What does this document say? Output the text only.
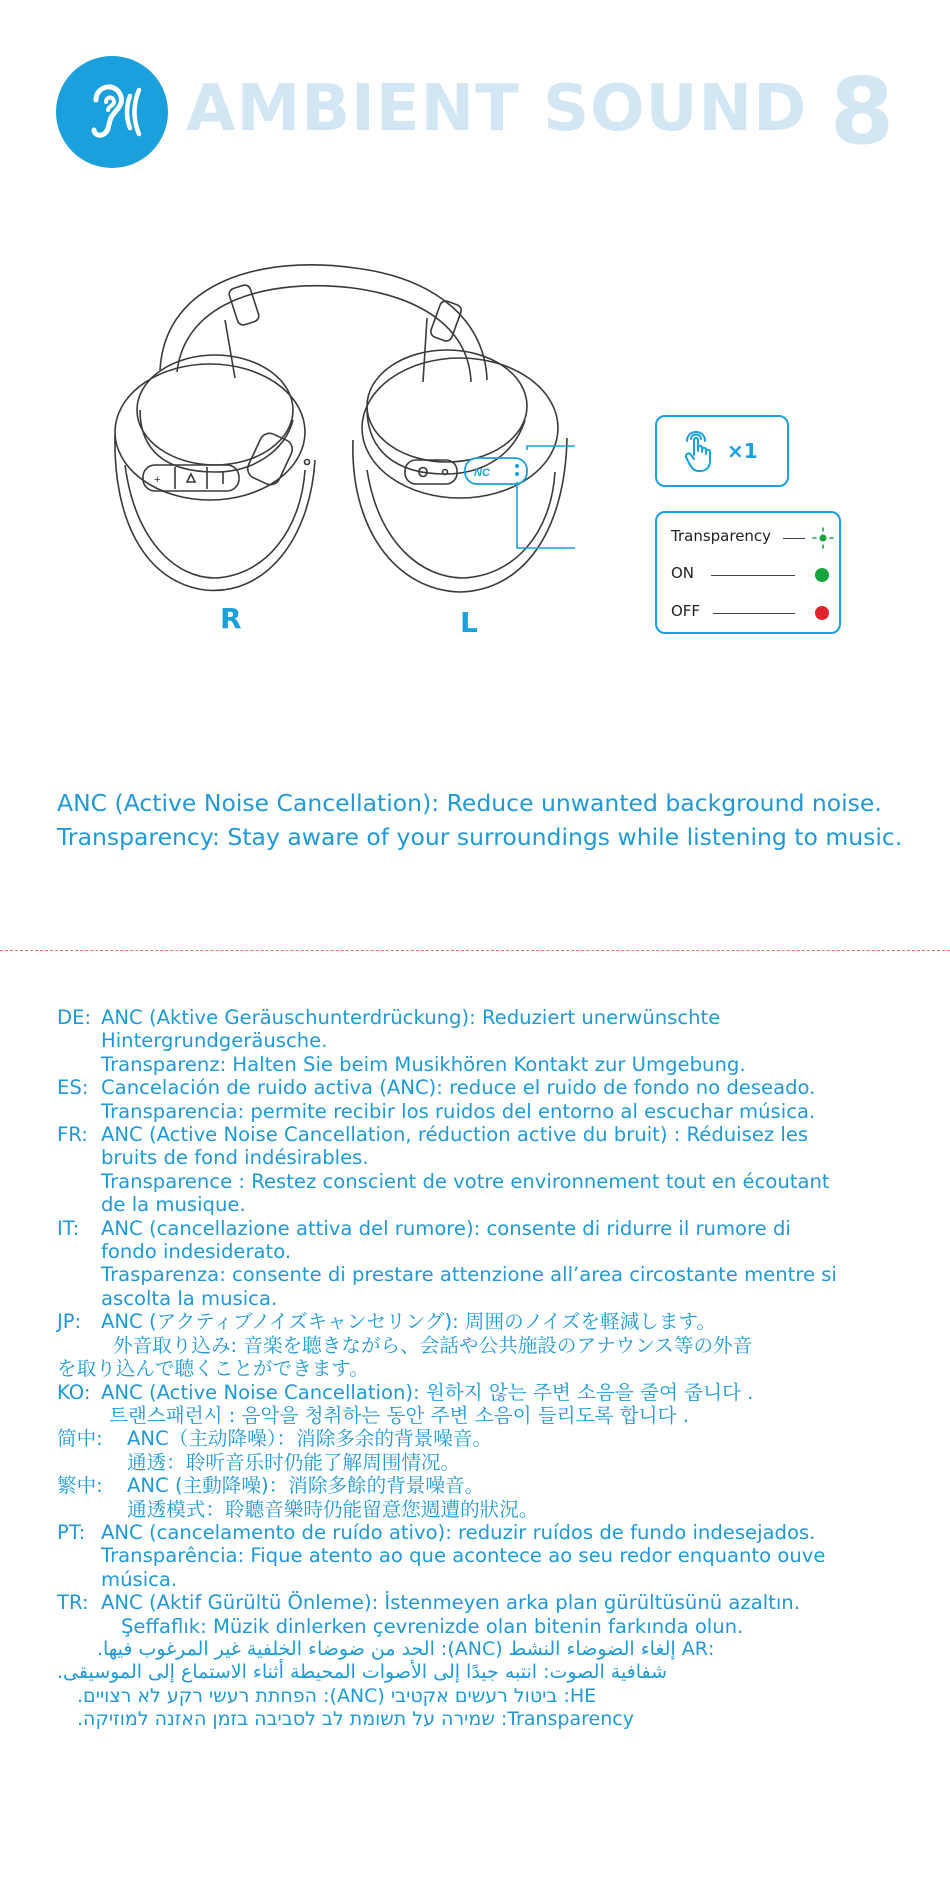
AMBIENT SOUND 8
+
NC
R	L
×1
Transparency
ON
OFF
ANC (Active Noise Cancellation): Reduce unwanted background noise.
Transparency: Stay aware of your surroundings while listening to music.
DE: ANC (Aktive Geräuschunterdrückung): Reduziert unerwünschte
Hintergrundgeräusche.
Transparenz: Halten Sie beim Musikhören Kontakt zur Umgebung.
ES: Cancelación de ruido activa (ANC): reduce el ruido de fondo no deseado.
Transparencia: permite recibir los ruidos del entorno al escuchar música.
FR: ANC (Active Noise Cancellation, réduction active du bruit) : Réduisez les
bruits de fond indésirables.
Transparence : Restez conscient de votre environnement tout en écoutant
de la musique.
IT:	ANC (cancellazione attiva del rumore): consente di ridurre il rumore di
fondo indesiderato.
Trasparenza: consente di prestare attenzione all’area circostante mentre si
ascolta la musica.
JP:	ANC (アクティブノイズキャンセリング): 周囲のノイズを軽減します。
外音取り込み: 音楽を聴きながら、会話や公共施設のアナウンス等の外音
を取り込んで聴くことができます。
KO: ANC (Active Noise Cancellation): 원하지 않는 주변 소음을 줄여 줍니다 .
트랜스패런시 : 음악을 청취하는 동안 주변 소음이 들리도록 합니다 .
简中:	ANC（主动降噪）：消除多余的背景噪音。
通透：聆听音乐时仍能了解周围情况。
繁中:	ANC (主動降噪)：消除多餘的背景噪音。
通透模式：聆聽音樂時仍能留意您週遭的狀況。
PT: ANC (cancelamento de ruído ativo): reduzir ruídos de fundo indesejados.
Transparência: Fique atento ao que acontece ao seu redor enquanto ouve
música.
TR: ANC (Aktif Gürültü Önleme): İstenmeyen arka plan gürültüsünü azaltın.
Şeffaflık: Müzik dinlerken çevrenizde olan bitenin farkında olun.
:AR إلغاء الضوضاء النشط (ANC): الحد من ضوضاء الخلفية غير المرغوب فيها.
شفافية الصوت: انتبه جيدًا إلى الأصوات المحيطة أثناء الاستماع إلى الموسيقى.
HE: ביטול רעשים אקטיבי (ANC): הפחתת רעשי רקע לא רצויים.
Transparency: שמירה על תשומת לב לסביבה בזמן האזנה למוזיקה.
